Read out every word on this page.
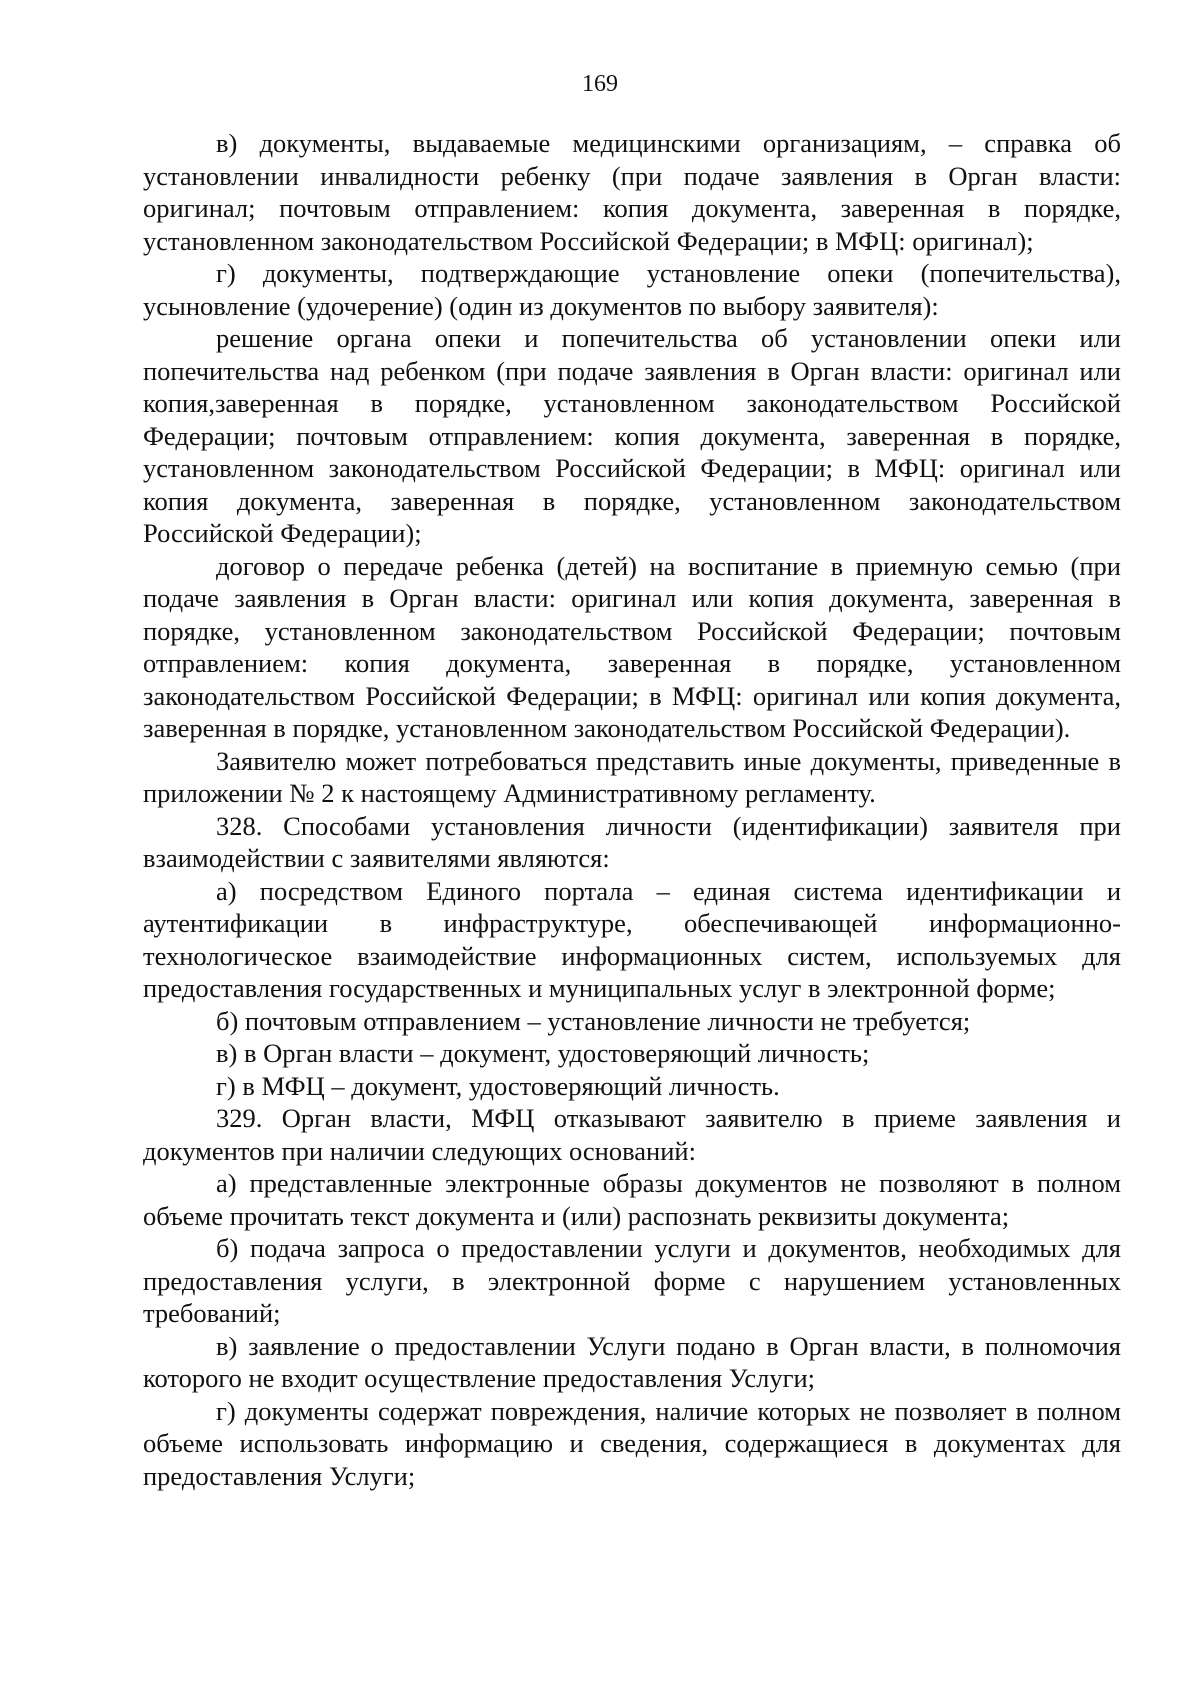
169

в) документы, выдаваемые медицинскими организациям, – справка об установлении инвалидности ребенку (при подаче заявления в Орган власти: оригинал; почтовым отправлением: копия документа, заверенная в порядке, установленном законодательством Российской Федерации; в МФЦ: оригинал);

г) документы, подтверждающие установление опеки (попечительства), усыновление (удочерение) (один из документов по выбору заявителя):

решение органа опеки и попечительства об установлении опеки или попечительства над ребенком (при подаче заявления в Орган власти: оригинал или копия,заверенная в порядке, установленном законодательством Российской Федерации; почтовым отправлением: копия документа, заверенная в порядке, установленном законодательством Российской Федерации; в МФЦ: оригинал или копия документа, заверенная в порядке, установленном законодательством Российской Федерации);

договор о передаче ребенка (детей) на воспитание в приемную семью (при подаче заявления в Орган власти: оригинал или копия документа, заверенная в порядке, установленном законодательством Российской Федерации; почтовым отправлением: копия документа, заверенная в порядке, установленном законодательством Российской Федерации; в МФЦ: оригинал или копия документа, заверенная в порядке, установленном законодательством Российской Федерации).

Заявителю может потребоваться представить иные документы, приведенные в приложении № 2 к настоящему Административному регламенту.

328. Способами установления личности (идентификации) заявителя при взаимодействии с заявителями являются:

а) посредством Единого портала – единая система идентификации и аутентификации в инфраструктуре, обеспечивающей информационно-технологическое взаимодействие информационных систем, используемых для предоставления государственных и муниципальных услуг в электронной форме;

б) почтовым отправлением – установление личности не требуется;

в) в Орган власти – документ, удостоверяющий личность;

г) в МФЦ – документ, удостоверяющий личность.

329. Орган власти, МФЦ отказывают заявителю в приеме заявления и документов при наличии следующих оснований:

а) представленные электронные образы документов не позволяют в полном объеме прочитать текст документа и (или) распознать реквизиты документа;

б) подача запроса о предоставлении услуги и документов, необходимых для предоставления услуги, в электронной форме с нарушением установленных требований;

в) заявление о предоставлении Услуги подано в Орган власти, в полномочия которого не входит осуществление предоставления Услуги;

г) документы содержат повреждения, наличие которых не позволяет в полном объеме использовать информацию и сведения, содержащиеся в документах для предоставления Услуги;
